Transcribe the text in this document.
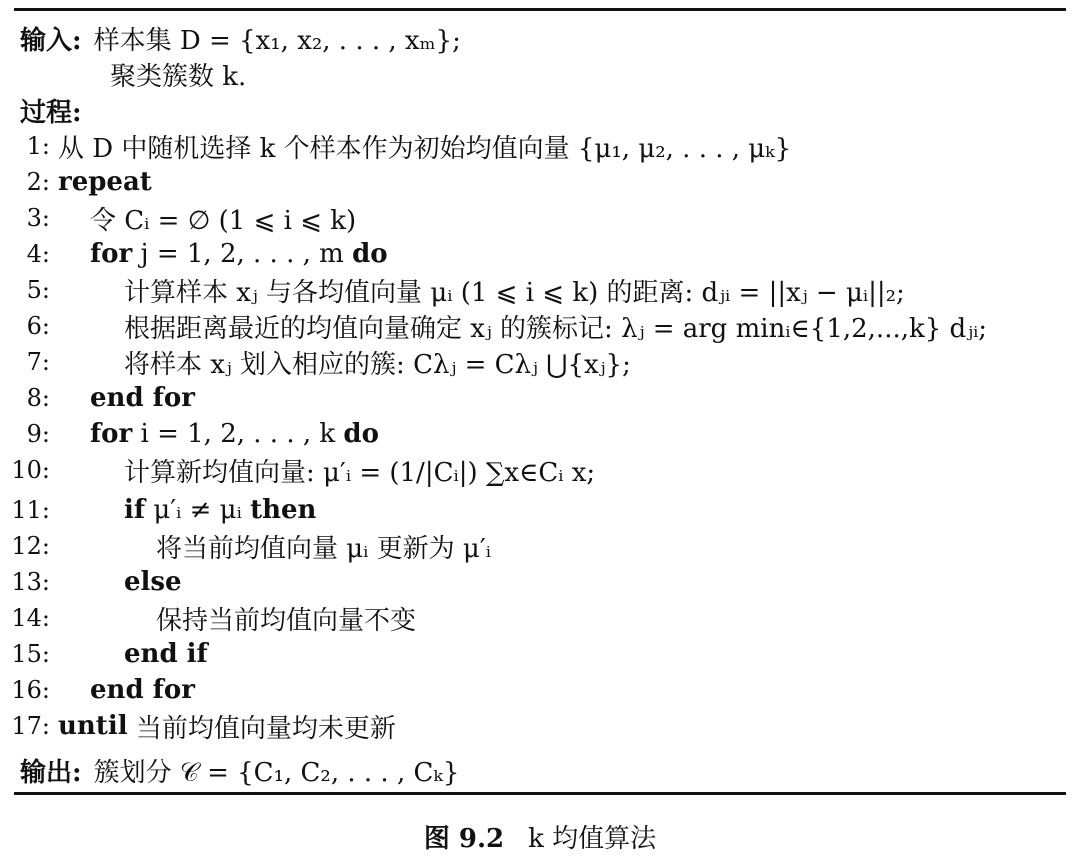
输入: 样本集 D = {x₁, x₂, . . . , xₘ};
聚类簇数 k.
过程:
1: 从 D 中随机选择 k 个样本作为初始均值向量 {μ₁, μ₂, . . . , μₖ}
2: repeat
3:	令 Cᵢ = ∅ (1 ⩽ i ⩽ k)
4:	for j = 1, 2, . . . , m do
5:	计算样本 xⱼ 与各均值向量 μᵢ (1 ⩽ i ⩽ k) 的距离: dⱼᵢ = ||xⱼ − μᵢ||₂;
6:	根据距离最近的均值向量确定 xⱼ 的簇标记: λⱼ = arg minᵢ∈{1,2,...,k} dⱼᵢ;
7:	将样本 xⱼ 划入相应的簇: Cλⱼ = Cλⱼ ⋃{xⱼ};
8:	end for
9:	for i = 1, 2, . . . , k do
10:	计算新均值向量: μ′ᵢ = (1/|Cᵢ|) ∑x∈Cᵢ x;
11:	if μ′ᵢ ≠ μᵢ then
12:	将当前均值向量 μᵢ 更新为 μ′ᵢ
13:	else
14:	保持当前均值向量不变
15:	end if
16:	end for
17: until 当前均值向量均未更新
输出: 簇划分 𝒞 = {C₁, C₂, . . . , Cₖ}
图 9.2 k 均值算法
